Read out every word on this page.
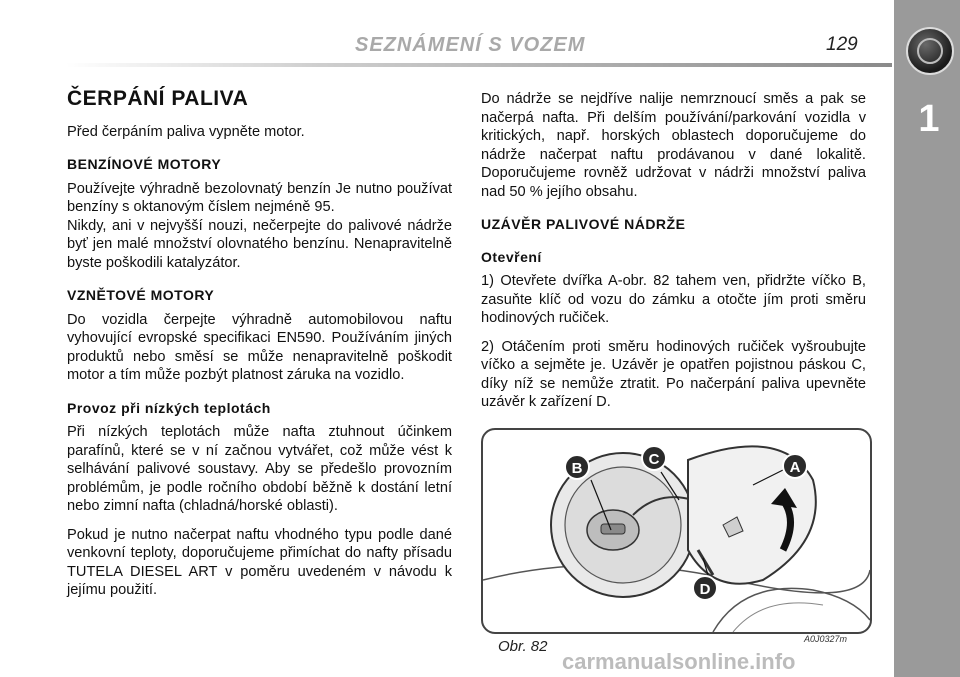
SEZNÁMENÍ S VOZEM	129
1
ČERPÁNÍ PALIVA

Před čerpáním paliva vypněte motor.

BENZÍNOVÉ MOTORY

Používejte výhradně bezolovnatý benzín Je nutno používat benzíny s oktanovým číslem nejméně 95.

Nikdy, ani v nejvyšší nouzi, nečerpejte do palivové nádrže byť jen malé množství olovnatého benzínu. Nenapravitelně byste poškodili katalyzátor.

VZNĚTOVÉ MOTORY

Do vozidla čerpejte výhradně automobilovou naftu vyhovující evropské specifikaci EN590. Používáním jiných produktů nebo směsí se může nenapravitelně poškodit motor a tím může pozbýt platnost záruka na vozidlo.

Provoz při nízkých teplotách

Při nízkých teplotách může nafta ztuhnout účinkem parafínů, které se v ní začnou vytvářet, což může vést k selhávání palivové soustavy. Aby se předešlo provozním problémům, je podle ročního období běžně k dostání letní nebo zimní nafta (chladná/horské oblasti).

Pokud je nutno načerpat naftu vhodného typu podle dané venkovní teploty, doporučujeme přimíchat do nafty přísadu TUTELA DIESEL ART v poměru uvedeném v návodu k jejímu použití.

Do nádrže se nejdříve nalije nemrznoucí směs a pak se načerpá nafta. Při delším používání/parkování vozidla v kritických, např. horských oblastech doporučujeme do nádrže načerpat naftu prodávanou v dané lokalitě. Doporučujeme rovněž udržovat v nádrži množství paliva nad 50 % jejího obsahu.

UZÁVĚR PALIVOVÉ NÁDRŽE
Otevření

1) Otevřete dvířka A-obr. 82 tahem ven, přidržte víčko B, zasuňte klíč od vozu do zámku a otočte jím proti směru hodinových ručiček.

2) Otáčením proti směru hodinových ručiček vyšroubujte víčko a sejměte je. Uzávěr je opatřen pojistnou páskou C, díky níž se nemůže ztratit. Po načerpání paliva upevněte uzávěr k zařízení D.

B
C	A
D
Obr. 82	A0J0327m
carmanualsonline.info
